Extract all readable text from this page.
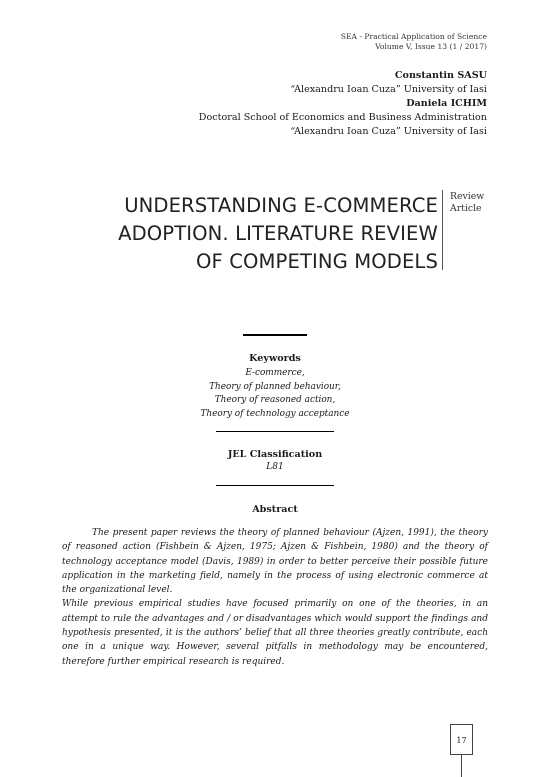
SEA - Practical Application of Science
Volume V, Issue 13 (1 / 2017)
Constantin SASU
“Alexandru Ioan Cuza” University of Iasi
Daniela ICHIM
Doctoral School of Economics and Business Administration
“Alexandru Ioan Cuza” University of Iasi
UNDERSTANDING E-COMMERCE
ADOPTION. LITERATURE REVIEW
OF COMPETING MODELS
Review
Article
Keywords
E-commerce,
Theory of planned behaviour,
Theory of reasoned action,
Theory of technology acceptance
JEL Classification
L81
Abstract

The present paper reviews the theory of planned behaviour (Ajzen, 1991), the theory of reasoned action (Fishbein & Ajzen, 1975; Ajzen & Fishbein, 1980) and the theory of technology acceptance model (Davis, 1989) in order to better perceive their possible future application in the marketing field, namely in the process of using electronic commerce at the organizational level.

While previous empirical studies have focused primarily on one of the theories, in an attempt to rule the advantages and / or disadvantages which would support the findings and hypothesis presented, it is the authors’ belief that all three theories greatly contribute, each one in a unique way. However, several pitfalls in methodology may be encountered, therefore further empirical research is required.

17
